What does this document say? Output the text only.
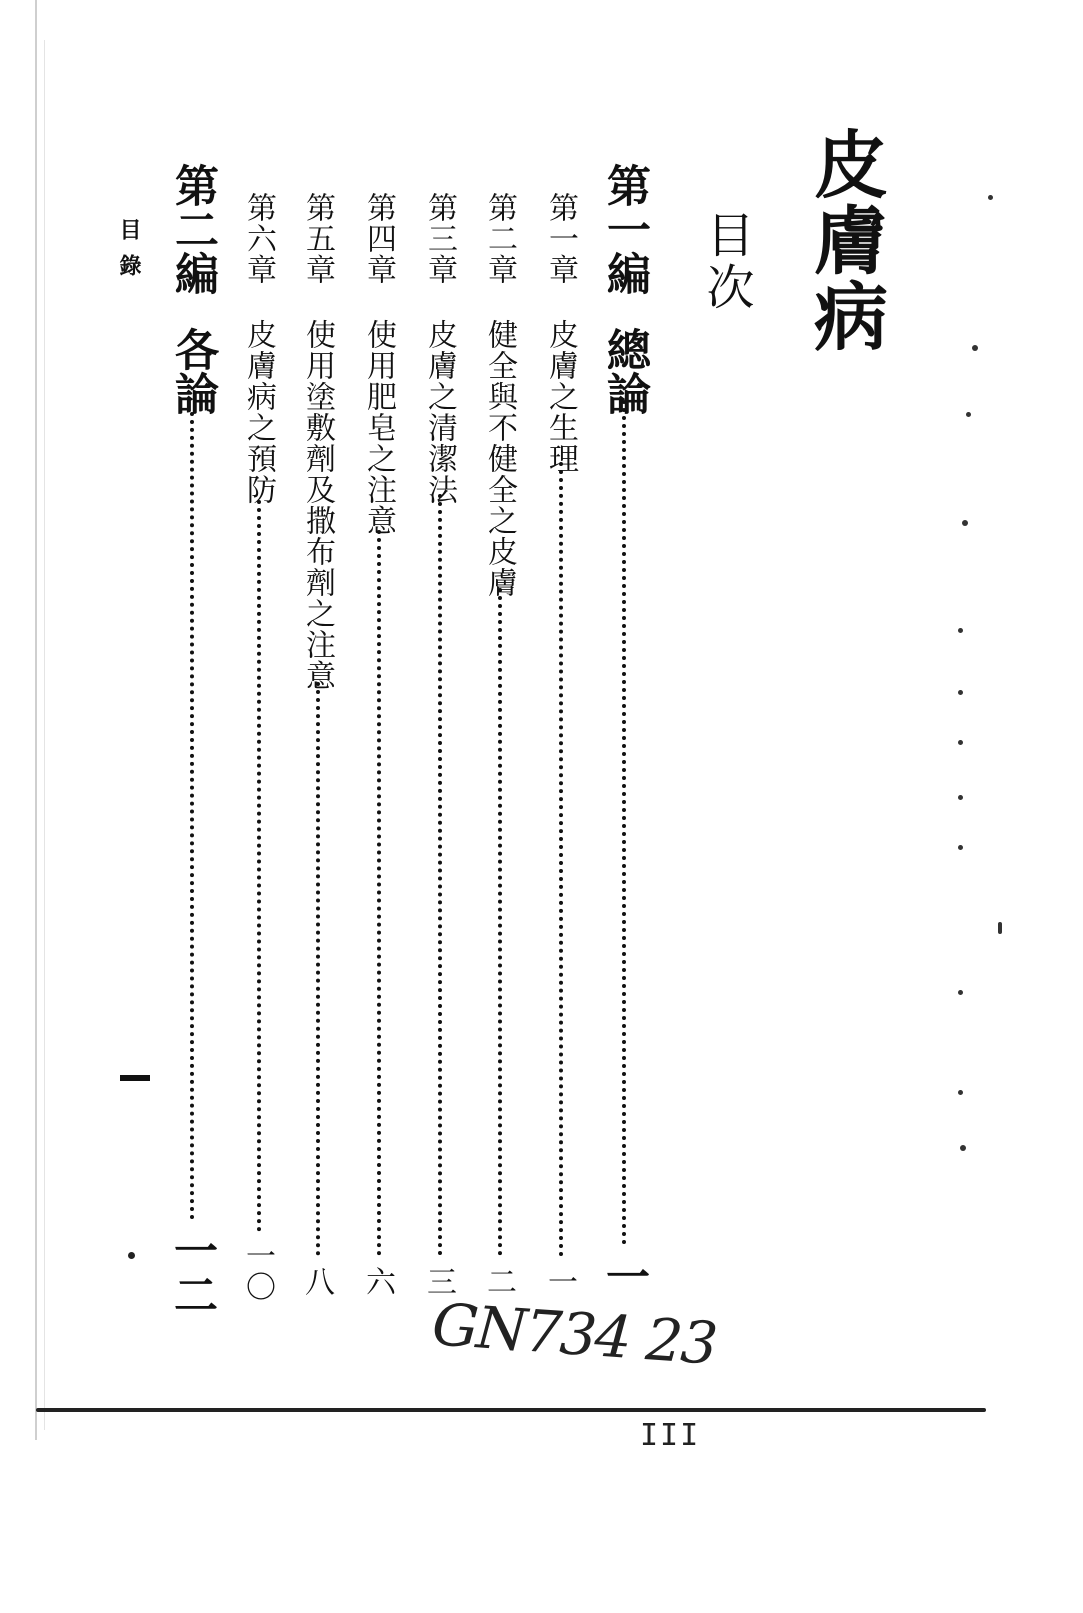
皮膚病
目次
第一編總論
一
第一章皮膚之生理
一
第二章健全與不健全之皮膚
二
第三章皮膚之清潔法
三
第四章使用肥皂之注意
六
第五章使用塗敷劑及撒布劑之注意
八
第六章皮膚病之預防
一〇
第二編各論
一二
目錄
GN734 23
III
